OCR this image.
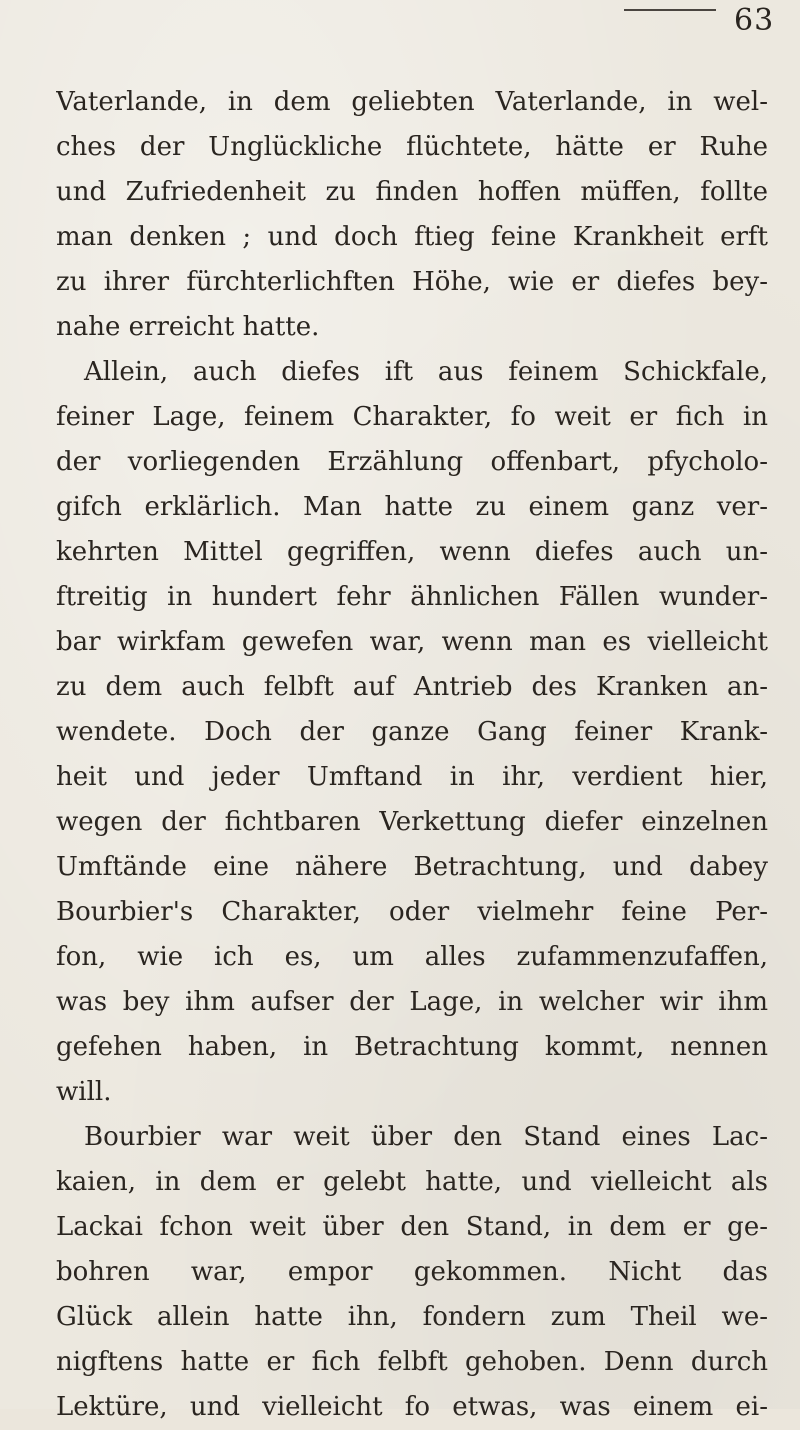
63
Vaterlande, in dem geliebten Vaterlande, in wel-
ches der Unglückliche flüchtete, hätte er Ruhe
und Zufriedenheit zu finden hoffen müffen, follte
man denken ; und doch ftieg feine Krankheit erft
zu ihrer fürchterlichften Höhe, wie er diefes bey-
nahe erreicht hatte.
Allein, auch diefes ift aus feinem Schickfale,
feiner Lage, feinem Charakter, fo weit er fich in
der vorliegenden Erzählung offenbart, pfycholo-
gifch erklärlich. Man hatte zu einem ganz ver-
kehrten Mittel gegriffen, wenn diefes auch un-
ftreitig in hundert fehr ähnlichen Fällen wunder-
bar wirkfam gewefen war, wenn man es vielleicht
zu dem auch felbft auf Antrieb des Kranken an-
wendete. Doch der ganze Gang feiner Krank-
heit und jeder Umftand in ihr, verdient hier,
wegen der fichtbaren Verkettung diefer einzelnen
Umftände eine nähere Betrachtung, und dabey
Bourbier's Charakter, oder vielmehr feine Per-
fon, wie ich es, um alles zufammenzufaffen,
was bey ihm aufser der Lage, in welcher wir ihm
gefehen haben, in Betrachtung kommt, nennen
will.
Bourbier war weit über den Stand eines Lac-
kaien, in dem er gelebt hatte, und vielleicht als
Lackai fchon weit über den Stand, in dem er ge-
bohren war, empor gekommen. Nicht das
Glück allein hatte ihn, fondern zum Theil we-
nigftens hatte er fich felbft gehoben. Denn durch
Lektüre, und vielleicht fo etwas, was einem ei-
